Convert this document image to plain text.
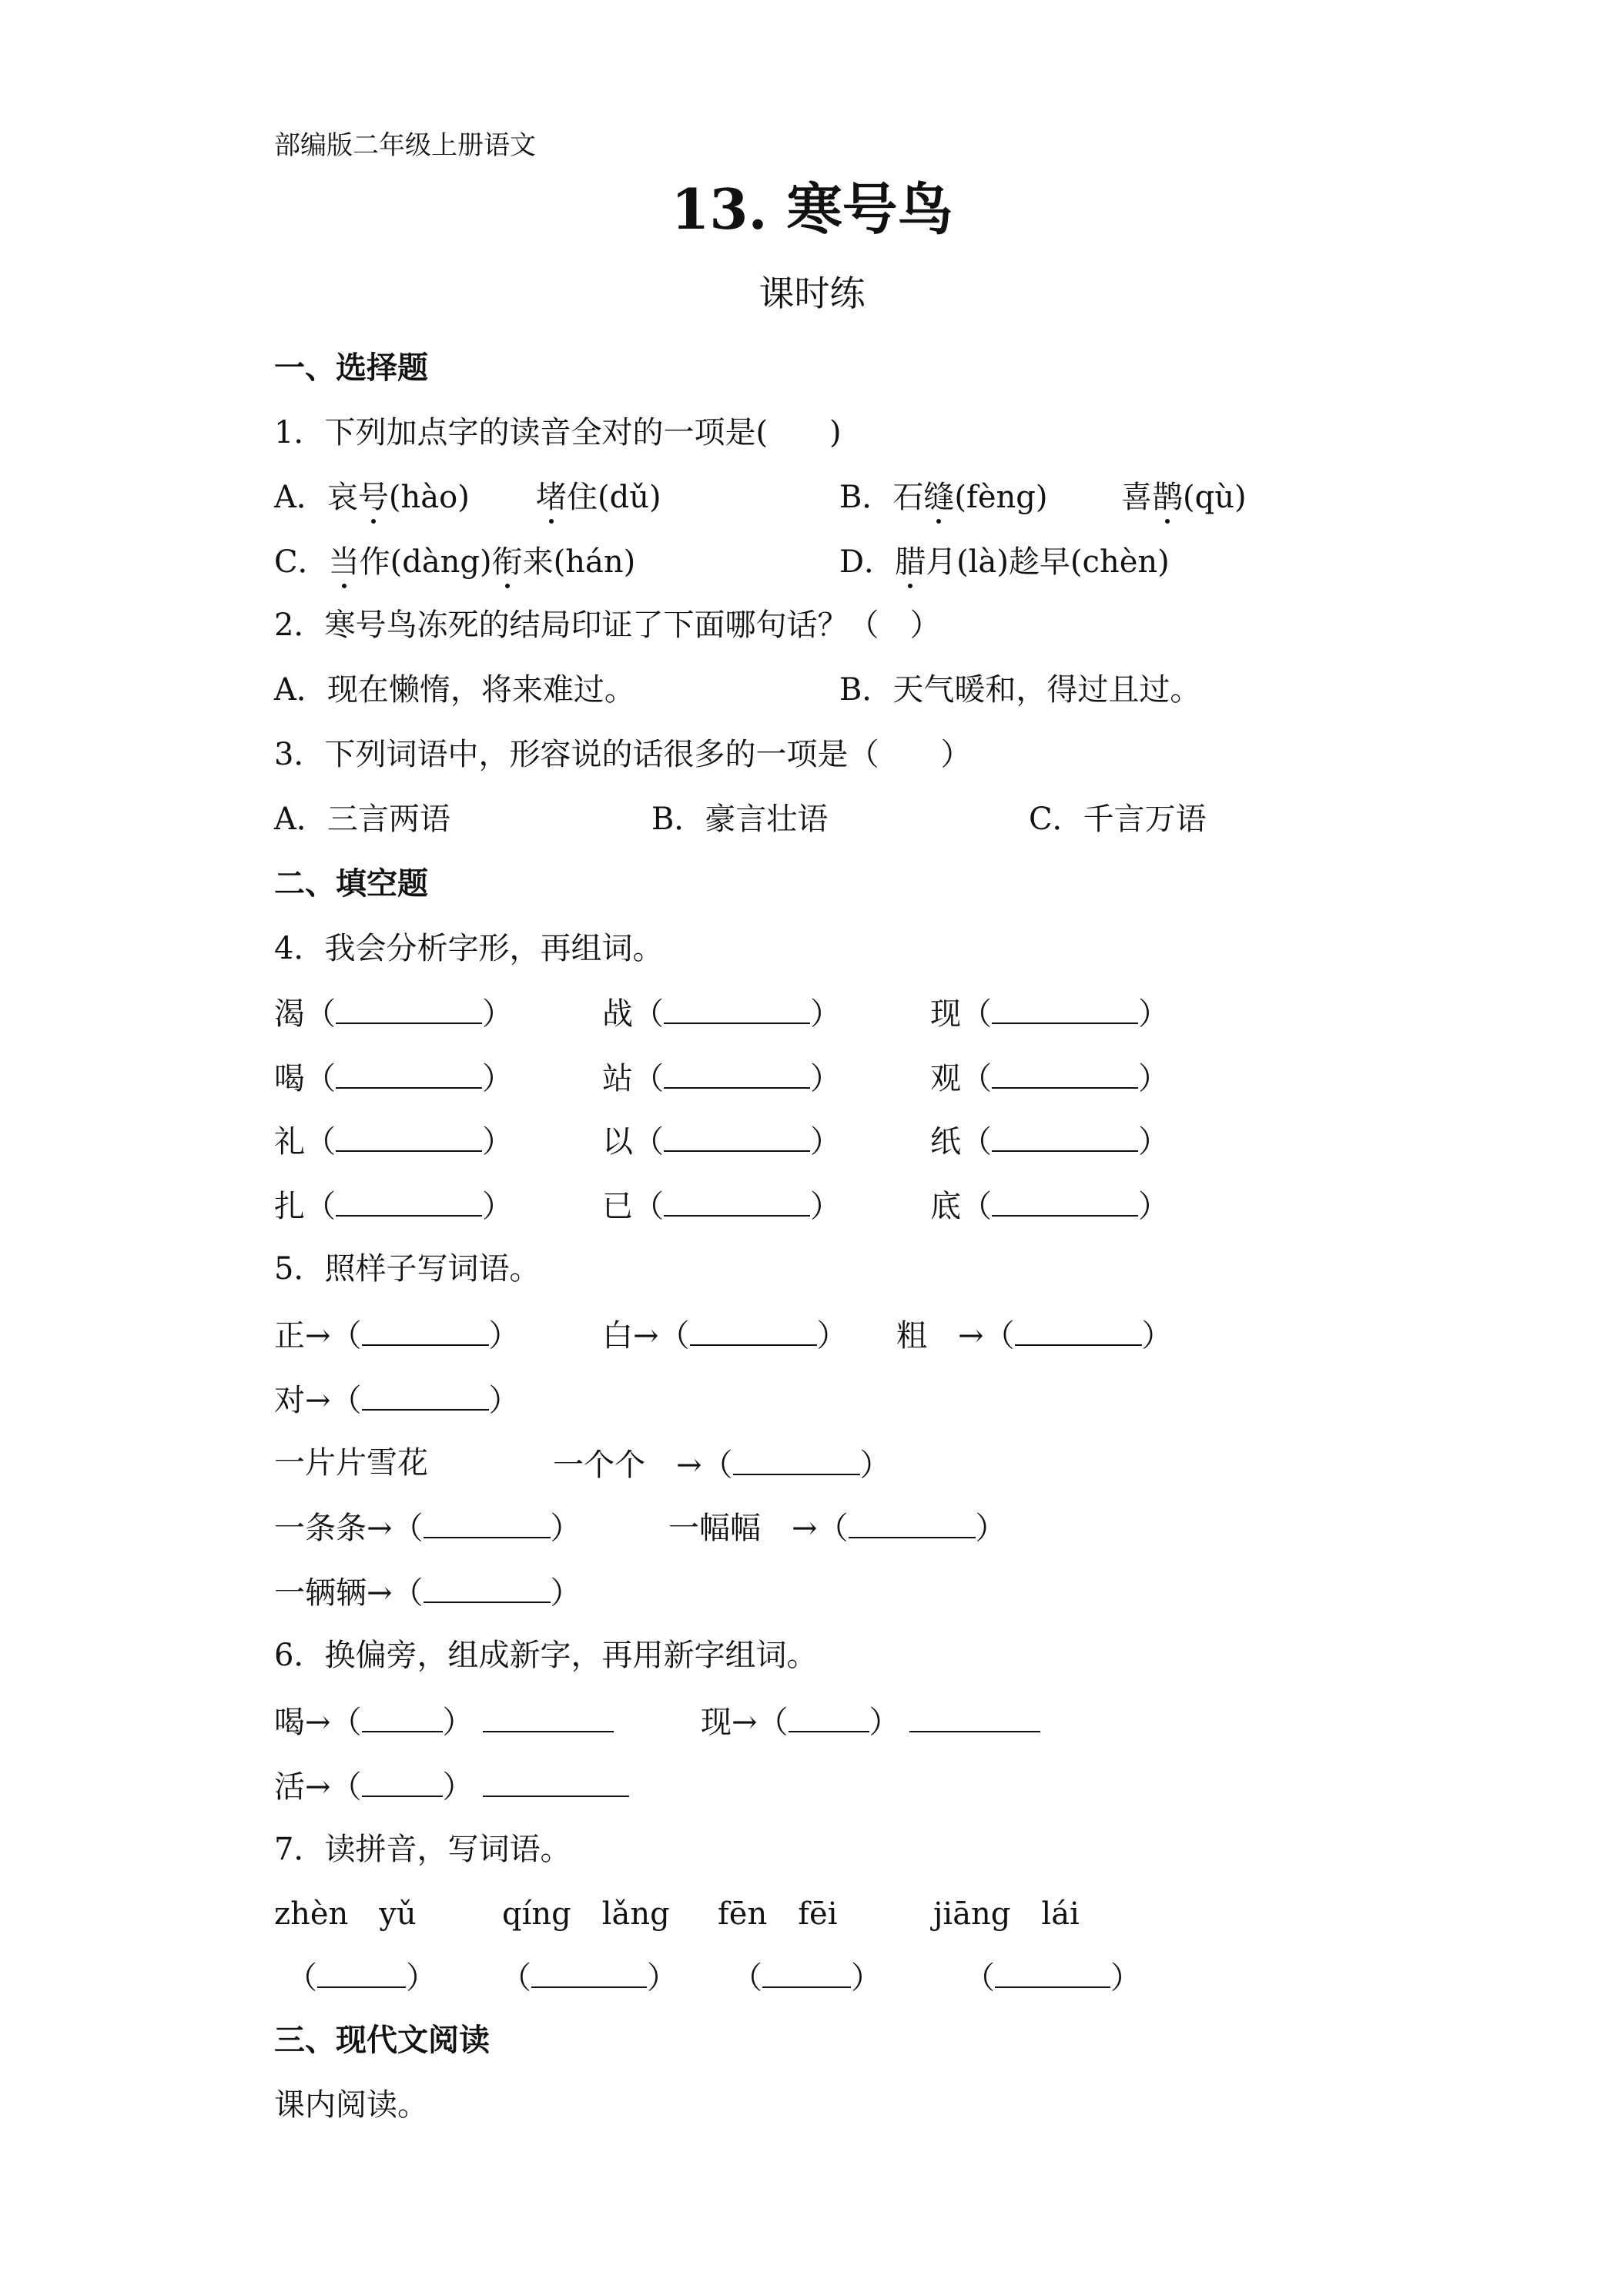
部编版二年级上册语文
13. 寒号鸟
课时练
一、选择题
1．下列加点字的读音全对的一项是(　　)
A．哀号(hào) 堵住(dǔ)	B．石缝(fèng) 喜鹊(qù)
C．当作(dàng)衔来(hán)	D．腊月(là)趁早(chèn)
2．寒号鸟冻死的结局印证了下面哪句话？（　）
A．现在懒惰，将来难过。	B．天气暖和，得过且过。
3．下列词语中，形容说的话很多的一项是（　　）
A．三言两语	B．豪言壮语	C．千言万语
二、填空题
4．我会分析字形，再组词。
渴（	）	战（	）	现（	）
喝（	）	站（	）	观（	）
礼（	）	以（	）	纸（	）
扎（	）	已（	）	底（	）
5．照样子写词语。
正→（	）	白→（	） 粗　 →（	）
对→（	）
一片片雪花	一个个　 →（	）
一条条→（	）	一幅幅　 →（	）
一辆辆→（	）
6．换偏旁，组成新字，再用新字组词。
喝→（	）	现→（	）
活→（	）
7．读拼音，写词语。
zhèn　yǔ	qíng　lǎng fēn　fēi	jiāng　lái
（	） （	） （	）	（	）
三、现代文阅读
课内阅读。
